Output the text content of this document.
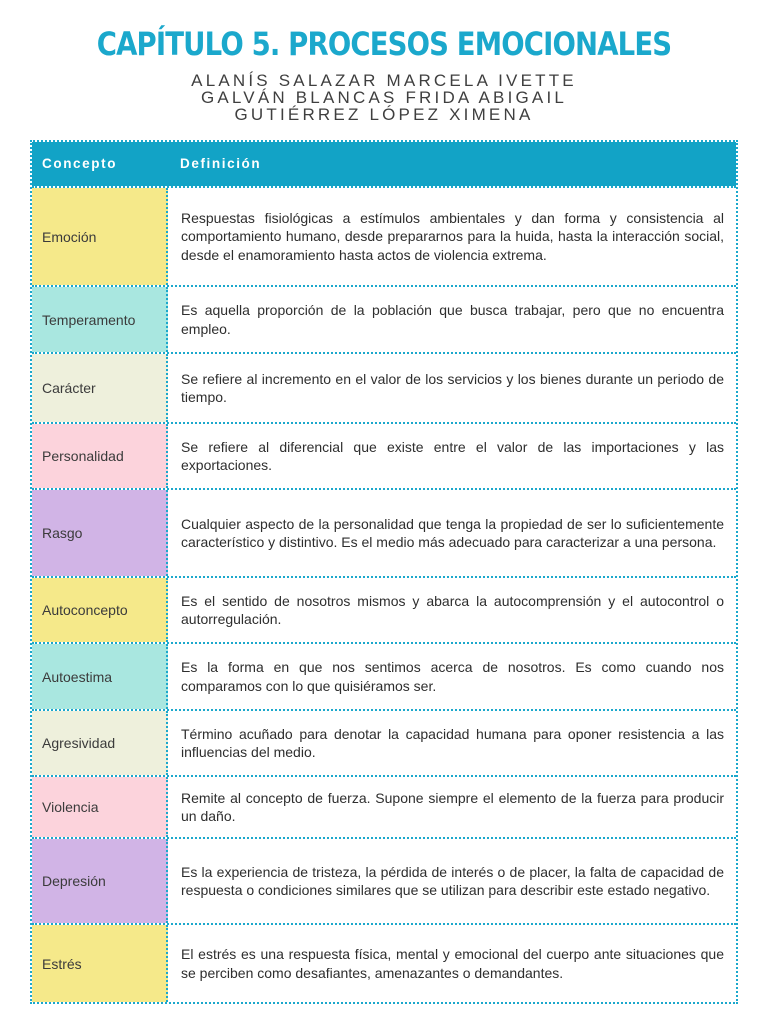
CAPÍTULO 5. PROCESOS EMOCIONALES
ALANÍS SALAZAR MARCELA IVETTE
GALVÁN BLANCAS FRIDA ABIGAIL
GUTIÉRREZ LÓPEZ XIMENA
Concepto	Definición
Emoción

Respuestas fisiológicas a estímulos ambientales y dan forma y consistencia al comportamiento humano, desde prepararnos para la huida, hasta la interacción social, desde el enamoramiento hasta actos de violencia extrema.

Temperamento

Es aquella proporción de la población que busca trabajar, pero que no encuentra empleo.

Carácter

Se refiere al incremento en el valor de los servicios y los bienes durante un periodo de tiempo.

Personalidad

Se refiere al diferencial que existe entre el valor de las importaciones y las exportaciones.

Rasgo

Cualquier aspecto de la personalidad que tenga la propiedad de ser lo suficientemente característico y distintivo. Es el medio más adecuado para caracterizar a una persona.

Autoconcepto

Es el sentido de nosotros mismos y abarca la autocomprensión y el autocontrol o autorregulación.

Autoestima

Es la forma en que nos sentimos acerca de nosotros. Es como cuando nos comparamos con lo que quisiéramos ser.

Agresividad

Término acuñado para denotar la capacidad humana para oponer resistencia a las influencias del medio.

Violencia

Remite al concepto de fuerza. Supone siempre el elemento de la fuerza para producir un daño.

Depresión

Es la experiencia de tristeza, la pérdida de interés o de placer, la falta de capacidad de respuesta o condiciones similares que se utilizan para describir este estado negativo.

Estrés

El estrés es una respuesta física, mental y emocional del cuerpo ante situaciones que se perciben como desafiantes, amenazantes o demandantes.
